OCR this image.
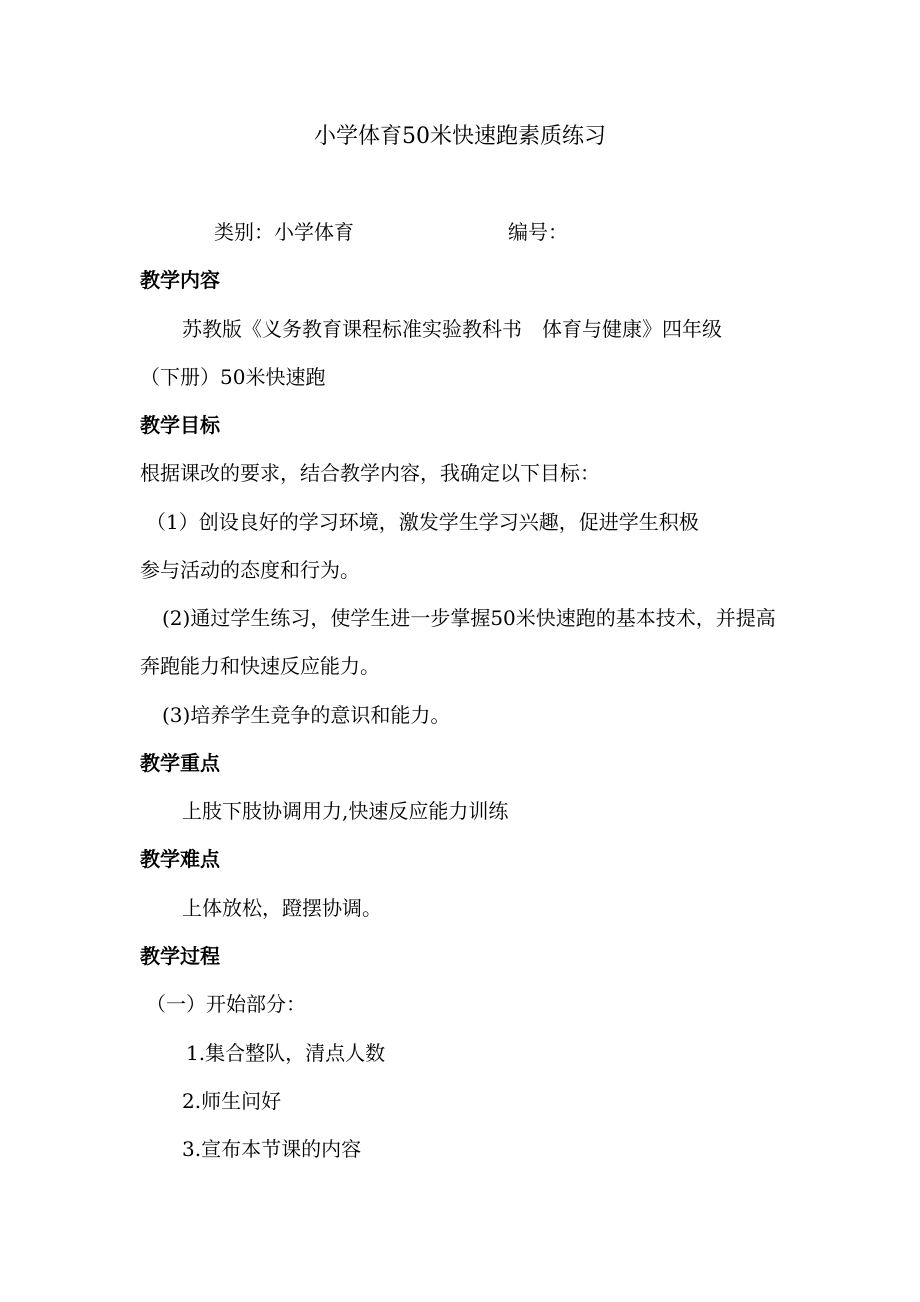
小学体育50米快速跑素质练习
类别：小学体育	编号：
教学内容
苏教版《义务教育课程标准实验教科书　体育与健康》四年级
（下册）50米快速跑
教学目标
根据课改的要求，结合教学内容，我确定以下目标：
（1）创设良好的学习环境，激发学生学习兴趣，促进学生积极
参与活动的态度和行为。
(2)通过学生练习，使学生进一步掌握50米快速跑的基本技术，并提高
奔跑能力和快速反应能力。
(3)培养学生竞争的意识和能力。
教学重点
上肢下肢协调用力,快速反应能力训练
教学难点
上体放松，蹬摆协调。
教学过程
（一）开始部分：
1.集合整队，清点人数
2.师生问好
3.宣布本节课的内容
